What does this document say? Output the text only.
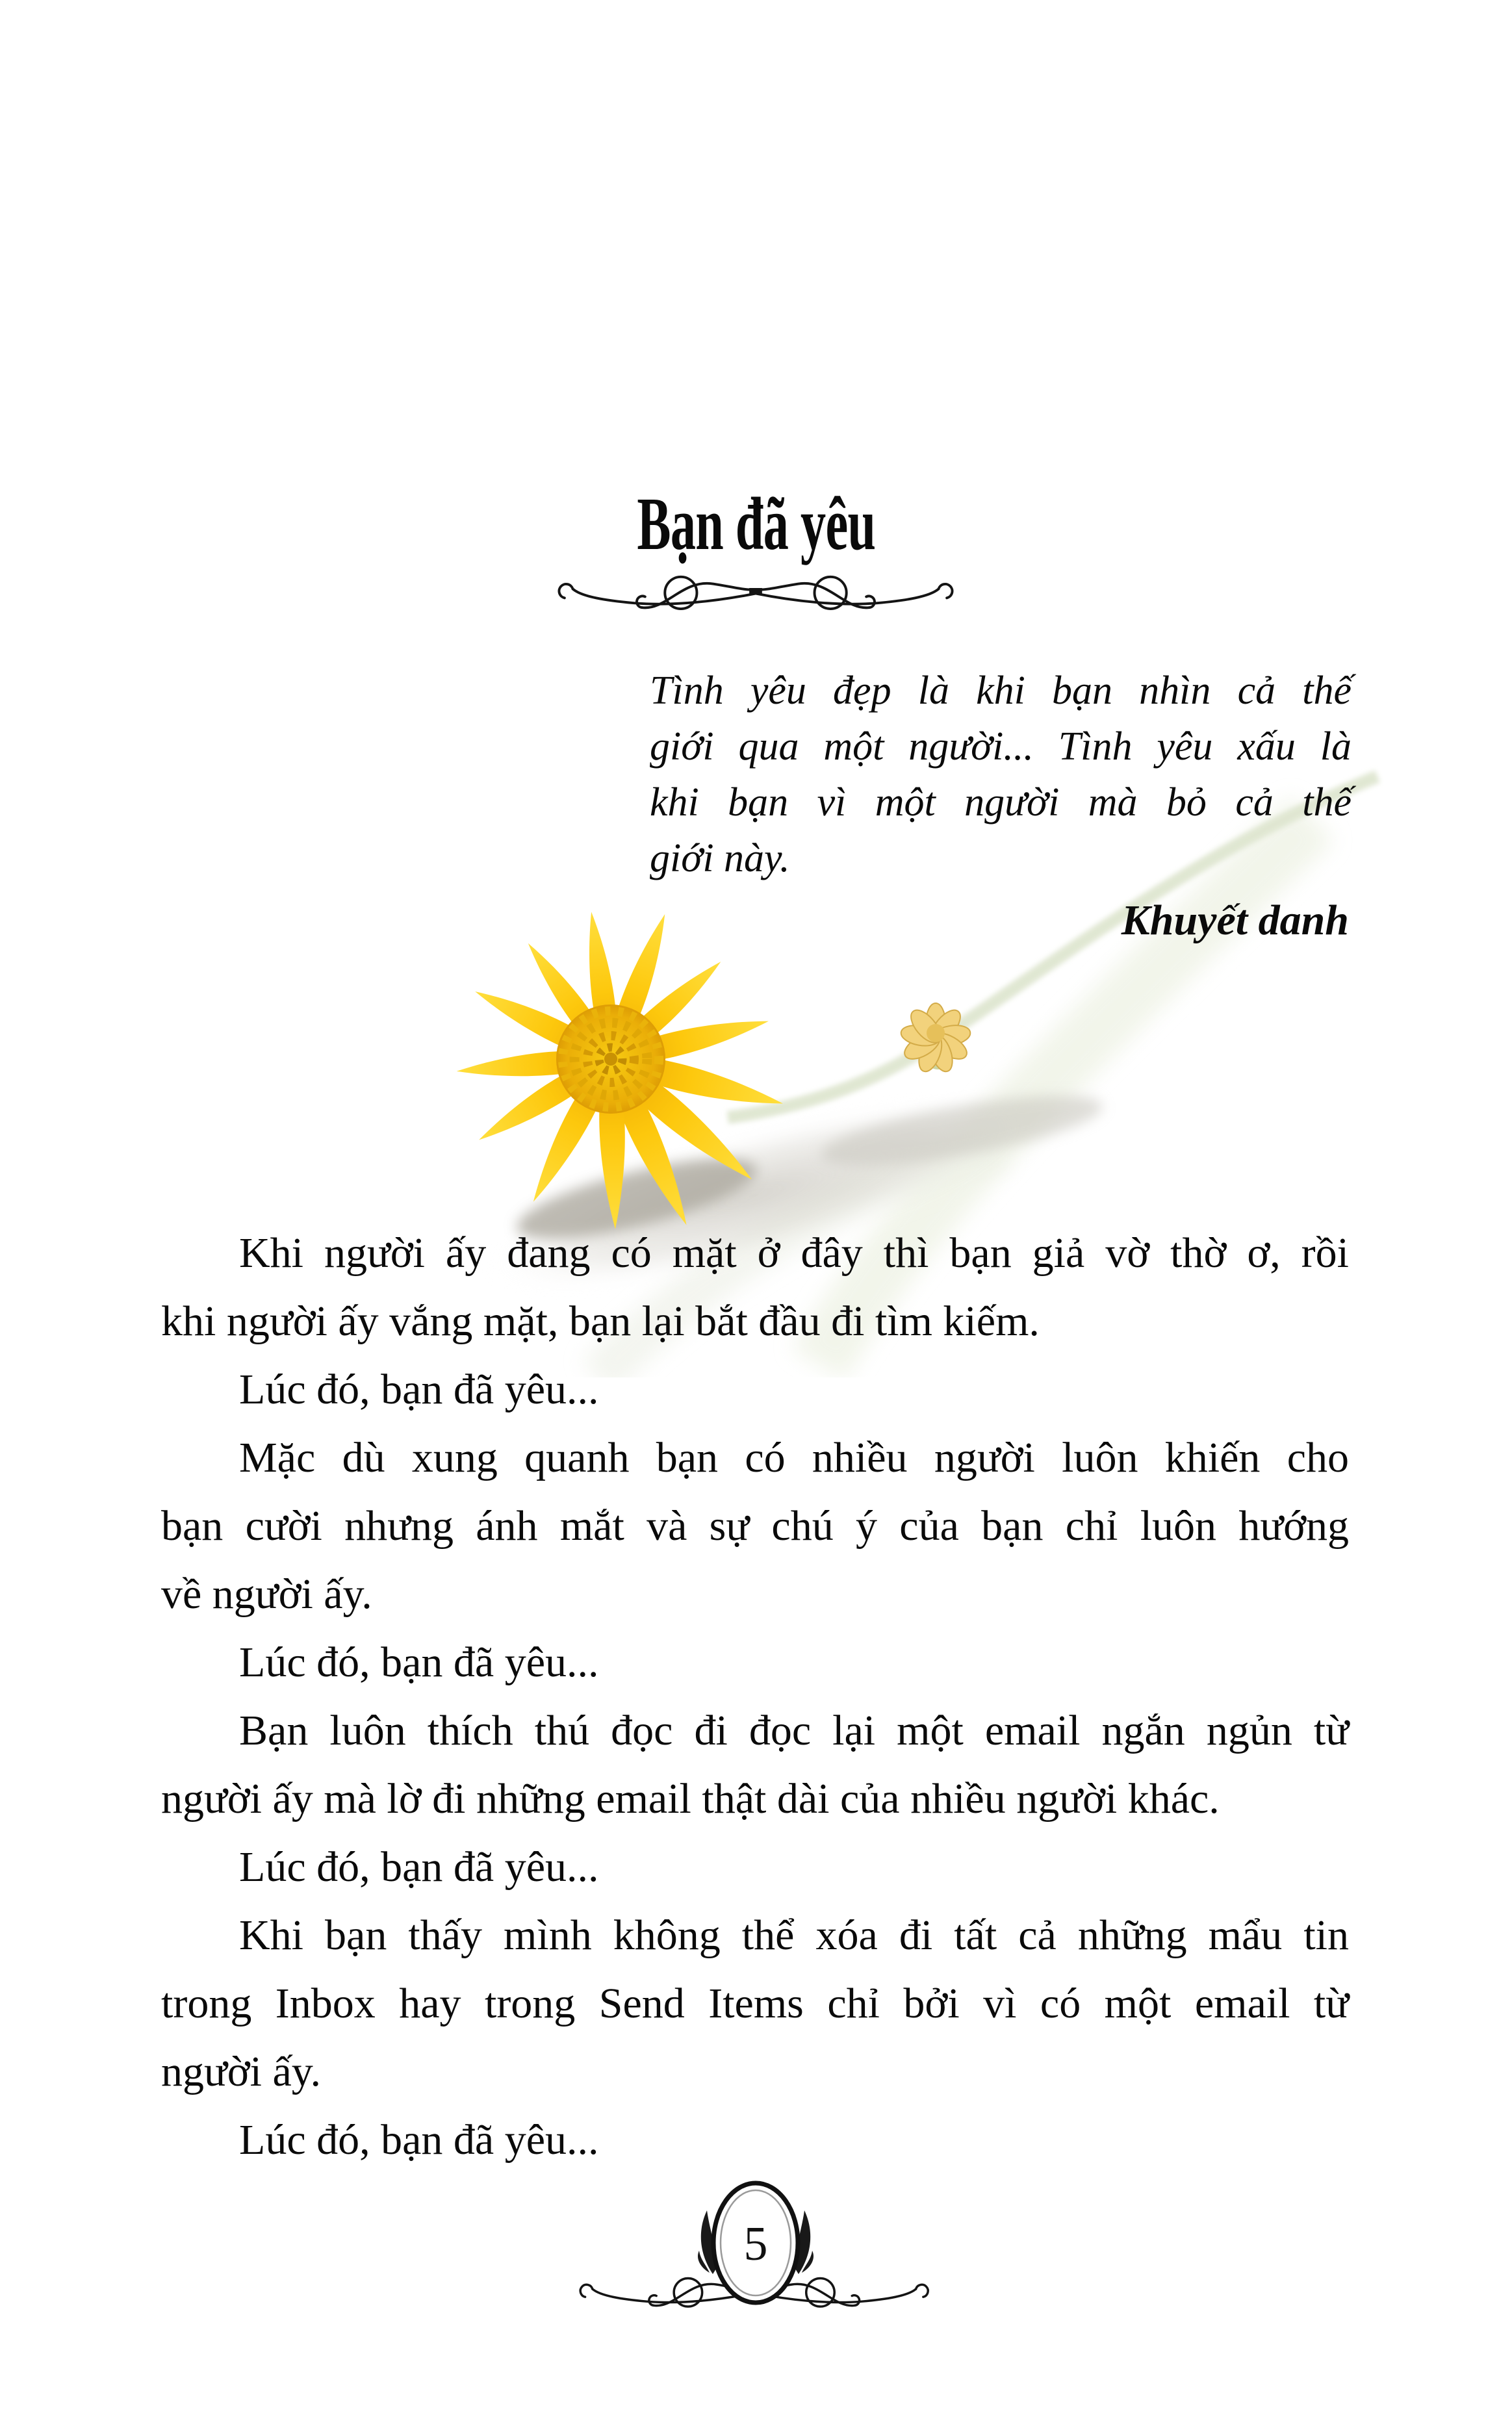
Bạn đã yêu
Tình yêu đẹp là khi bạn nhìn cả thế
giới qua một người... Tình yêu xấu là
khi bạn vì một người mà bỏ cả thế
giới này.
Khuyết danh
Khi người ấy đang có mặt ở đây thì bạn giả vờ thờ ơ, rồi
khi người ấy vắng mặt, bạn lại bắt đầu đi tìm kiếm.
Lúc đó, bạn đã yêu...
Mặc dù xung quanh bạn có nhiều người luôn khiến cho
bạn cười nhưng ánh mắt và sự chú ý của bạn chỉ luôn hướng
về người ấy.
Lúc đó, bạn đã yêu...
Bạn luôn thích thú đọc đi đọc lại một email ngắn ngủn từ
người ấy mà lờ đi những email thật dài của nhiều người khác.
Lúc đó, bạn đã yêu...
Khi bạn thấy mình không thể xóa đi tất cả những mẩu tin
trong Inbox hay trong Send Items chỉ bởi vì có một email từ
người ấy.
Lúc đó, bạn đã yêu...
5
